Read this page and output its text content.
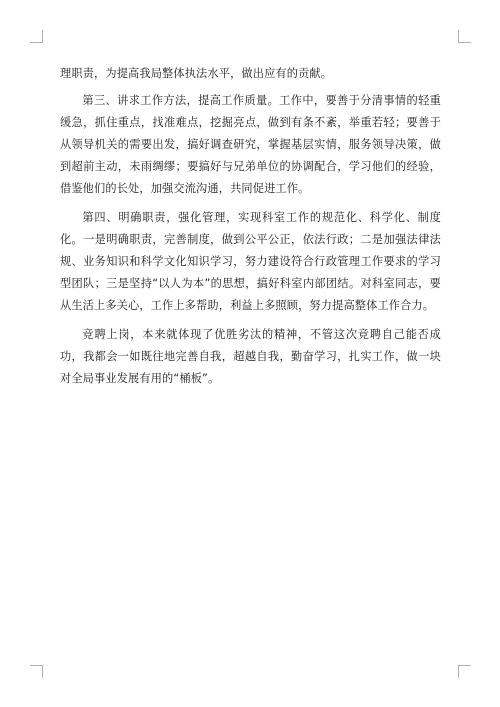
理职责，为提高我局整体执法水平，做出应有的贡献。

第三、讲求工作方法，提高工作质量。工作中，要善于分清事情的轻重缓急，抓住重点，找准难点，挖掘亮点，做到有条不紊，举重若轻；要善于从领导机关的需要出发，搞好调查研究，掌握基层实情，服务领导决策，做到超前主动，未雨绸缪；要搞好与兄弟单位的协调配合，学习他们的经验，借鉴他们的长处，加强交流沟通，共同促进工作。

第四、明确职责，强化管理，实现科室工作的规范化、科学化、制度化。一是明确职责，完善制度，做到公平公正，依法行政；二是加强法律法规、业务知识和科学文化知识学习，努力建设符合行政管理工作要求的学习型团队；三是坚持“以人为本”的思想，搞好科室内部团结。对科室同志，要从生活上多关心，工作上多帮助，利益上多照顾，努力提高整体工作合力。

竞聘上岗，本来就体现了优胜劣汰的精神，不管这次竞聘自己能否成功，我都会一如既往地完善自我，超越自我，勤奋学习，扎实工作，做一块对全局事业发展有用的“桶板”。
